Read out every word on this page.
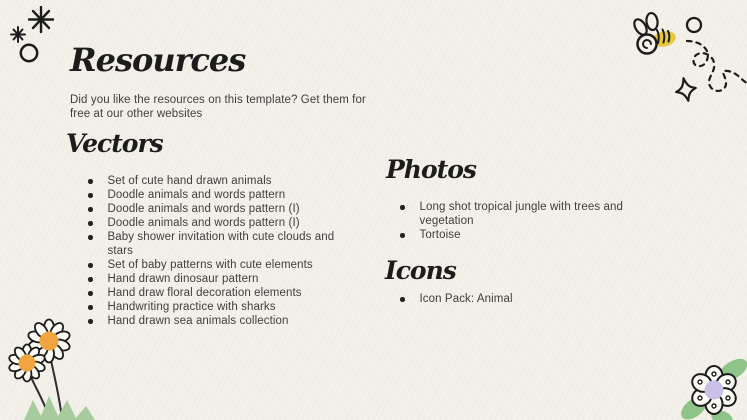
Resources
Did you like the resources on this template? Get them for free at our other websites
Vectors
Set of cute hand drawn animals
Doodle animals and words pattern
Doodle animals and words pattern (I)
Doodle animals and words pattern (I)
Baby shower invitation with cute clouds and stars
Set of baby patterns with cute elements
Hand drawn dinosaur pattern
Hand draw floral decoration elements
Handwriting practice with sharks
Hand drawn sea animals collection
Photos
Long shot tropical jungle with trees and vegetation
Tortoise
Icons
Icon Pack: Animal
